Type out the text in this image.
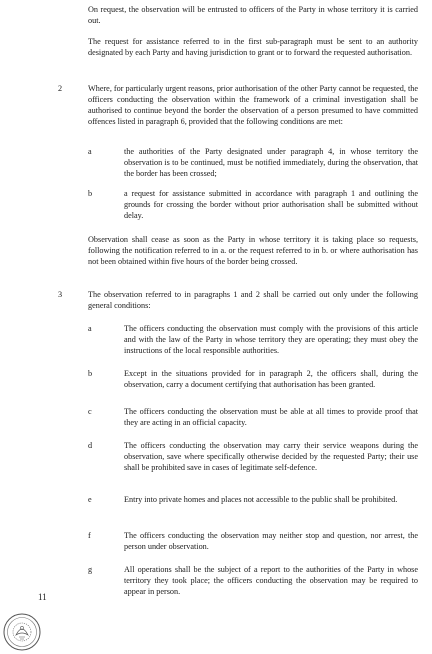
On request, the observation will be entrusted to officers of the Party in whose territory it is carried out.

The request for assistance referred to in the first sub-paragraph must be sent to an authority designated by each Party and having jurisdiction to grant or to forward the requested authorisation.

2	Where, for particularly urgent reasons, prior authorisation of the other Party cannot be requested, the officers conducting the observation within the framework of a criminal investigation shall be authorised to continue beyond the border the observation of a person presumed to have committed offences listed in paragraph 6, provided that the following conditions are met:

a	the authorities of the Party designated under paragraph 4, in whose territory the observation is to be continued, must be notified immediately, during the observation, that the border has been crossed;

b	a request for assistance submitted in accordance with paragraph 1 and outlining the grounds for crossing the border without prior authorisation shall be submitted without delay.

Observation shall cease as soon as the Party in whose territory it is taking place so requests, following the notification referred to in a. or the request referred to in b. or where authorisation has not been obtained within five hours of the border being crossed.

3	The observation referred to in paragraphs 1 and 2 shall be carried out only under the following general conditions:

a	The officers conducting the observation must comply with the provisions of this article and with the law of the Party in whose territory they are operating; they must obey the instructions of the local responsible authorities.

b	Except in the situations provided for in paragraph 2, the officers shall, during the observation, carry a document certifying that authorisation has been granted.

c	The officers conducting the observation must be able at all times to provide proof that they are acting in an official capacity.

d	The officers conducting the observation may carry their service weapons during the observation, save where specifically otherwise decided by the requested Party; their use shall be prohibited save in cases of legitimate self-defence.

e	Entry into private homes and places not accessible to the public shall be prohibited.

f	The officers conducting the observation may neither stop and question, nor arrest, the person under observation.

g	All operations shall be the subject of a report to the authorities of the Party in whose territory they took place; the officers conducting the observation may be required to appear in person.

11
